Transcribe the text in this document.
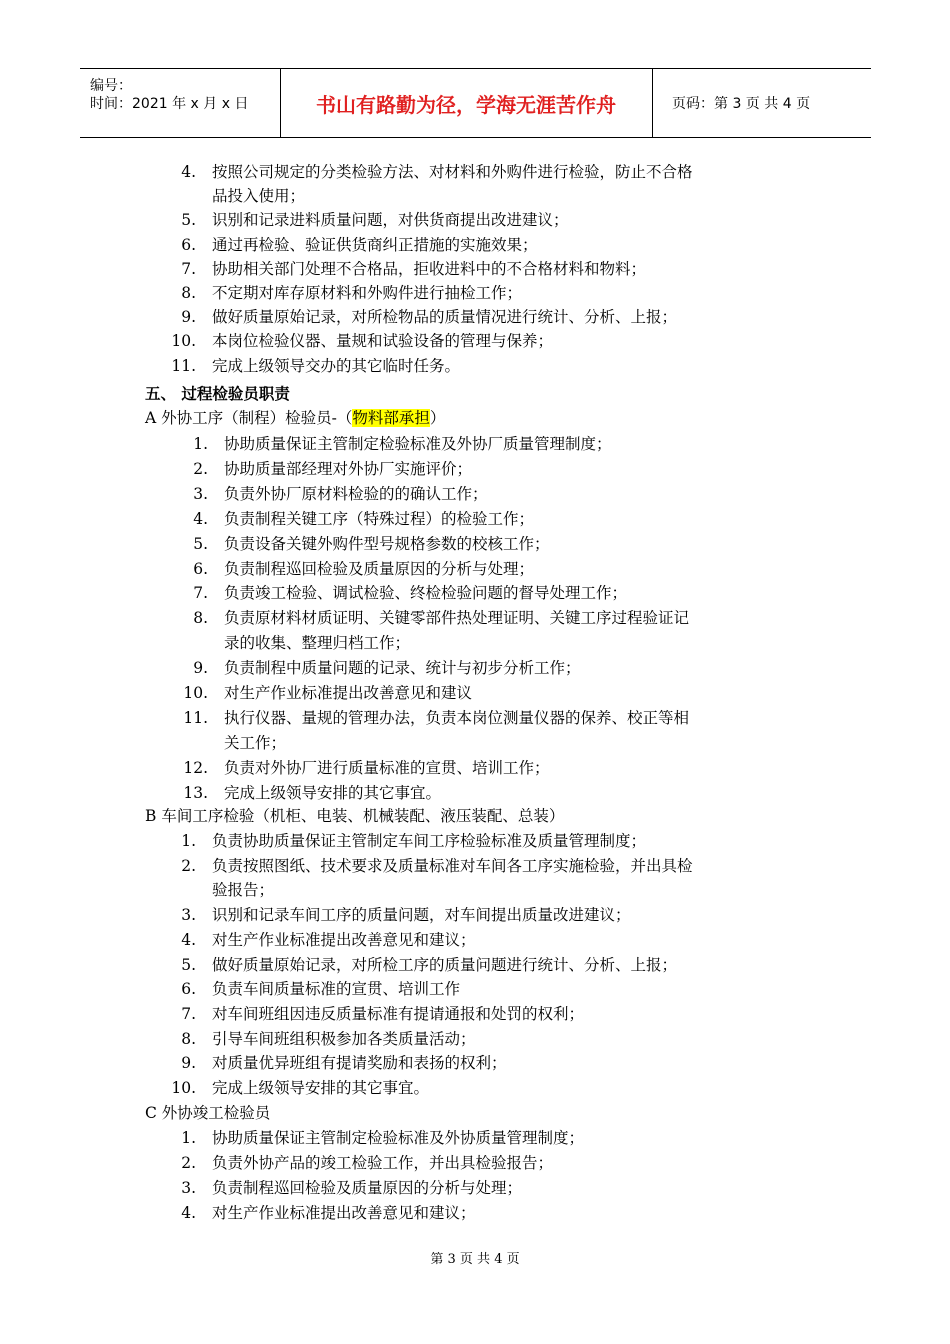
编号：
时间：2021 年 x 月 x 日	书山有路勤为径，学海无涯苦作舟	页码：第 3 页 共 4 页
4. 按照公司规定的分类检验方法、对材料和外购件进行检验，防止不合格
品投入使用；
5. 识别和记录进料质量问题，对供货商提出改进建议；
6. 通过再检验、验证供货商纠正措施的实施效果；
7. 协助相关部门处理不合格品，拒收进料中的不合格材料和物料；
8. 不定期对库存原材料和外购件进行抽检工作；
9. 做好质量原始记录，对所检物品的质量情况进行统计、分析、上报；
10. 本岗位检验仪器、量规和试验设备的管理与保养；
11. 完成上级领导交办的其它临时任务。
五、 过程检验员职责
A 外协工序（制程）检验员-（物料部承担）
1. 协助质量保证主管制定检验标准及外协厂质量管理制度；
2. 协助质量部经理对外协厂实施评价；
3. 负责外协厂原材料检验的的确认工作；
4. 负责制程关键工序（特殊过程）的检验工作；
5. 负责设备关键外购件型号规格参数的校核工作；
6. 负责制程巡回检验及质量原因的分析与处理；
7. 负责竣工检验、调试检验、终检检验问题的督导处理工作；
8. 负责原材料材质证明、关键零部件热处理证明、关键工序过程验证记
录的收集、整理归档工作；
9. 负责制程中质量问题的记录、统计与初步分析工作；
10. 对生产作业标准提出改善意见和建议
11. 执行仪器、量规的管理办法，负责本岗位测量仪器的保养、校正等相
关工作；
12. 负责对外协厂进行质量标准的宣贯、培训工作；
13. 完成上级领导安排的其它事宜。
B 车间工序检验（机柜、电装、机械装配、液压装配、总装）
1. 负责协助质量保证主管制定车间工序检验标准及质量管理制度；
2. 负责按照图纸、技术要求及质量标准对车间各工序实施检验，并出具检
验报告；
3. 识别和记录车间工序的质量问题，对车间提出质量改进建议；
4. 对生产作业标准提出改善意见和建议；
5. 做好质量原始记录，对所检工序的质量问题进行统计、分析、上报；
6. 负责车间质量标准的宣贯、培训工作
7. 对车间班组因违反质量标准有提请通报和处罚的权利；
8. 引导车间班组积极参加各类质量活动；
9. 对质量优异班组有提请奖励和表扬的权利；
10. 完成上级领导安排的其它事宜。
C 外协竣工检验员
1. 协助质量保证主管制定检验标准及外协质量管理制度；
2. 负责外协产品的竣工检验工作，并出具检验报告；
3. 负责制程巡回检验及质量原因的分析与处理；
4. 对生产作业标准提出改善意见和建议；
第 3 页 共 4 页
